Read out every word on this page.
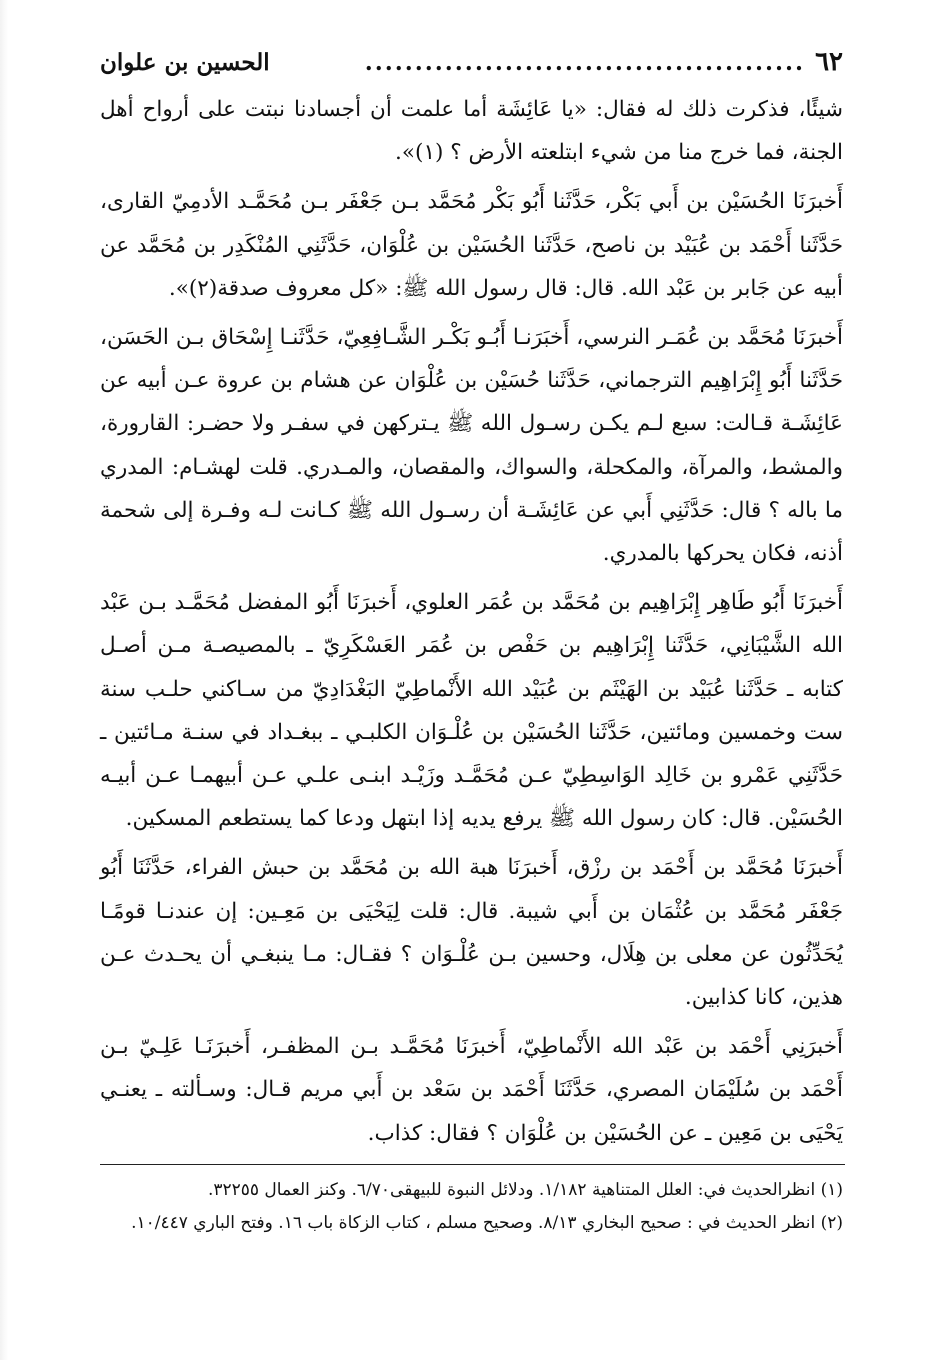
٦٢
............................................
الحسين بن علوان

شيئًا، فذكرت ذلك له فقال: «يا عَائِشَة أما علمت أن أجسادنا نبتت على أرواح أهل الجنة، فما خرج منا من شيء ابتلعته الأرض ؟ (١)».

أَخبرَنَا الحُسَيْن بن أَبي بَكْر، حَدَّثَنا أَبُو بَكْر مُحَمَّد بـن جَعْفَر بـن مُحَمَّـد الأدمِيّ القارى، حَدَّثَنا أَحْمَد بن عُبَيْد بن ناصح، حَدَّثَنا الحُسَيْن بن عُلْوَان، حَدَّثَنِي المُنْكَدِر بن مُحَمَّد عن أبيه عن جَابر بن عَبْد الله. قال: قال رسول الله ﷺ: «كل معروف صدقة(٢)».

أَخبرَنَا مُحَمَّد بن عُمَـر النرسي، أَخبَرَنـا أَبُـو بَكْـر الشَّـافِعِيّ، حَدَّثَنـا إِسْحَاق بـن الحَسَن، حَدَّثَنا أَبُو إِبْرَاهِيم الترجماني، حَدَّثَنا حُسَيْن بن عُلْوَان عن هشام بن عروة عـن أبيه عن عَائِشَـة قـالت: سبع لـم يكـن رسـول الله ﷺ يـتركهن في سفـر ولا حضـر: القارورة، والمشط، والمرآة، والمكحلة، والسواك، والمقصان، والمـدري. قلت لهشـام: المدري ما باله ؟ قال: حَدَّثَنِي أَبي عن عَائِشَـة أن رسـول الله ﷺ كـانت لـه وفـرة إلى شحمة أذنه، فكان يحركها بالمدري.

أَخبرَنَا أَبُو طَاهِر إِبْرَاهِيم بن مُحَمَّد بن عُمَر العلوي، أَخبرَنَا أَبُو المفضل مُحَمَّـد بـن عَبْد الله الشَّيْبَانِي، حَدَّثَنا إِبْرَاهِيم بن حَفْص بن عُمَر العَسْكَرِيّ ـ بالمصيصـة مـن أصـل كتابه ـ حَدَّثَنا عُبَيْد بن الهَيْثَم بن عُبَيْد الله الأَنْماطِيّ البَغْدَادِيّ من سـاكني حلـب سنة ست وخمسين ومائتين، حَدَّثَنا الحُسَيْن بن عُلْـوَان الكلبـي ـ ببغـداد في سنـة مـائتين ـ حَدَّثَنِي عَمْرو بن خَالِد الوَاسِطِيّ عـن مُحَمَّـد وزَيْـد ابنـى علـي عـن أبيهمـا عـن أبيـه الحُسَيْن. قال: كان رسول الله ﷺ يرفع يديه إذا ابتهل ودعا كما يستطعم المسكين.

أَخبرَنَا مُحَمَّد بن أَحْمَد بن رزْق، أَخبرَنَا هبة الله بن مُحَمَّد بن حبش الفراء، حَدَّثَنَا أَبُو جَعْفَر مُحَمَّد بن عُثْمَان بن أَبي شيبة. قال: قلت لِيَحْيَى بن مَعِـين: إن عندنـا قومًـا يُحَدِّثُون عن معلى بن هِلَال، وحسين بـن عُلْـوَان ؟ فقـال: مـا ينبغـي أن يحـدث عـن هذين، كانا كذابين.

أَخبرَنِي أَحْمَد بن عَبْد الله الأَنْماطِيّ، أَخبرَنَا مُحَمَّـد بـن المظفـر، أَخبرَنَـا عَلِـيّ بـن أَحْمَد بن سُلَيْمَان المصري، حَدَّثَنَا أَحْمَد بن سَعْد بن أَبي مريم قـال: وسـألته ـ يعنـي يَحْيَى بن مَعِين ـ عن الحُسَيْن بن عُلْوَان ؟ فقال: كذاب.

(١) انظرالحديث في: العلل المتناهية ١/١٨٢. ودلائل النبوة للبيهقى٦/٧٠. وكنز العمال ٣٢٢٥٥.

(٢) انظر الحديث في : صحيح البخاري ٨/١٣. وصحيح مسلم ، كتاب الزكاة باب ١٦. وفتح الباري ١٠/٤٤٧.
